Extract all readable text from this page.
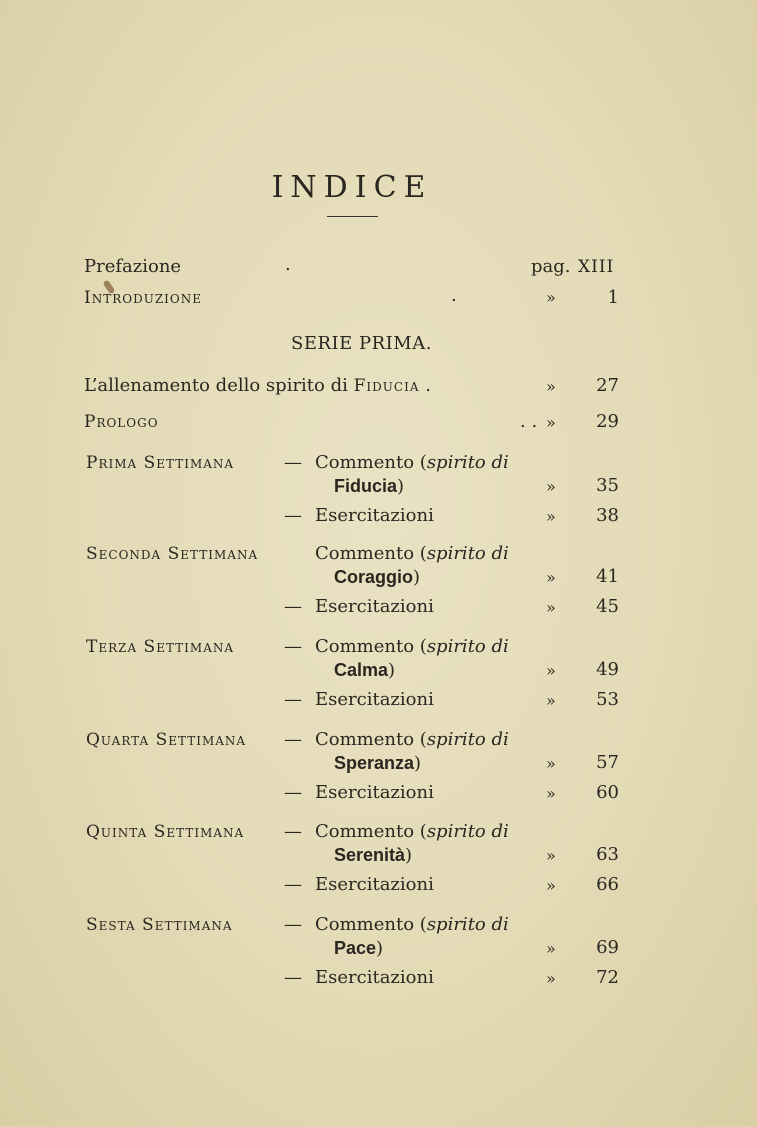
INDICE
Prefazione	.	pag. XIII
Introduzione	.	»	1
SERIE PRIMA.
L’allenamento dello spirito di Fiducia .	»	27
Prologo	. . »	29
Prima Settimana	— Commento (spirito di
Fiducia)	»	35
— Esercitazioni	»	38
Seconda Settimana	Commento (spirito di
Coraggio)	»	41
— Esercitazioni	»	45
Terza Settimana	— Commento (spirito di
Calma)	»	49
— Esercitazioni	»	53
Quarta Settimana — Commento (spirito di
Speranza)	»	57
— Esercitazioni	»	60
Quinta Settimana — Commento (spirito di
Serenità)	»	63
— Esercitazioni	»	66
Sesta Settimana	— Commento (spirito di
Pace)	»	69
— Esercitazioni	»	72
